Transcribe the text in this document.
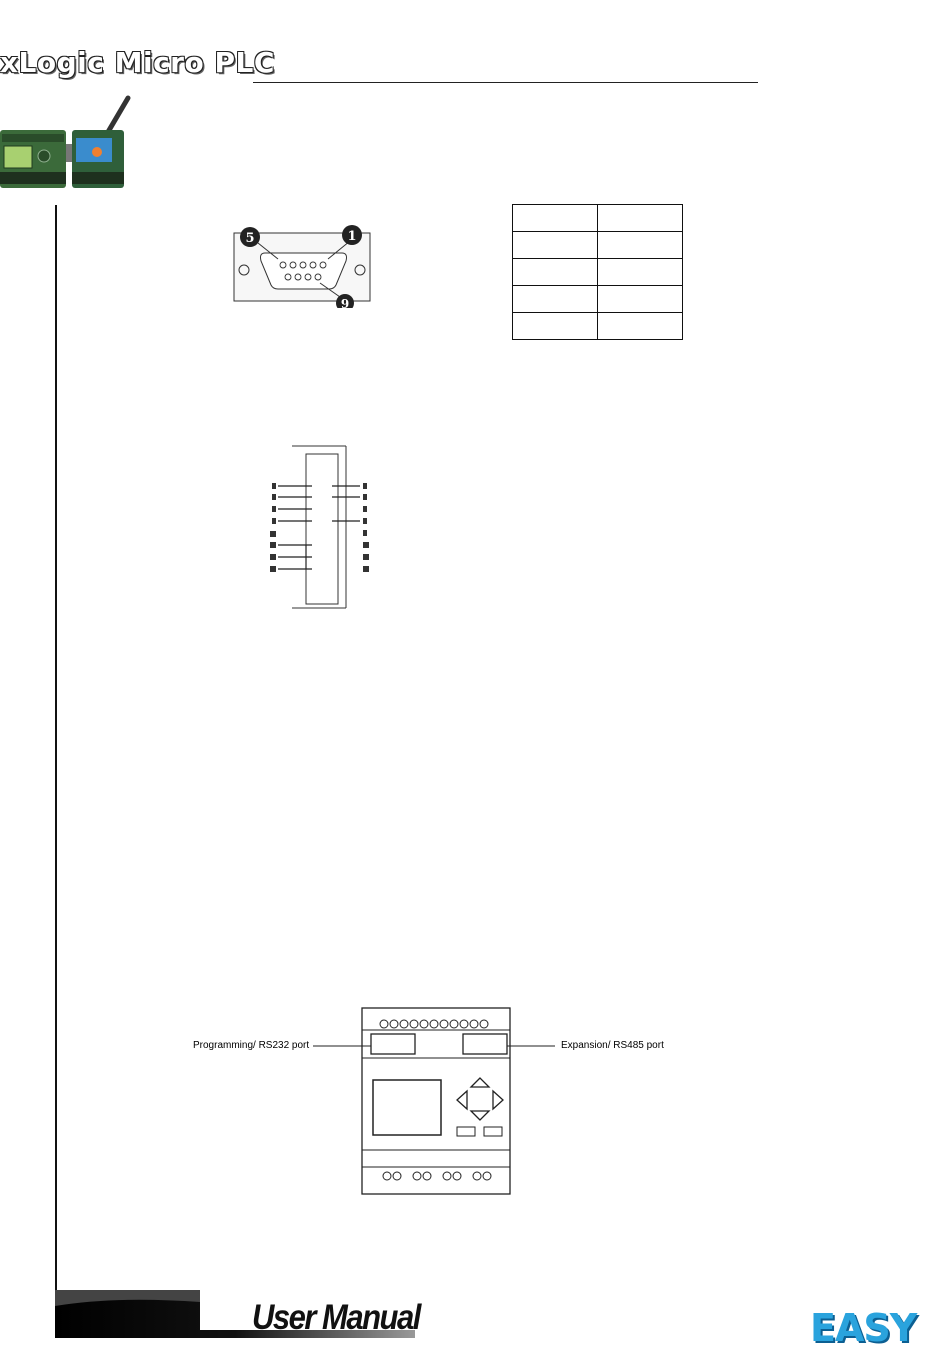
xLogic Micro PLC
5	1
9

Programming/ RS232 port	Expansion/ RS485 port
User Manual	EASY
